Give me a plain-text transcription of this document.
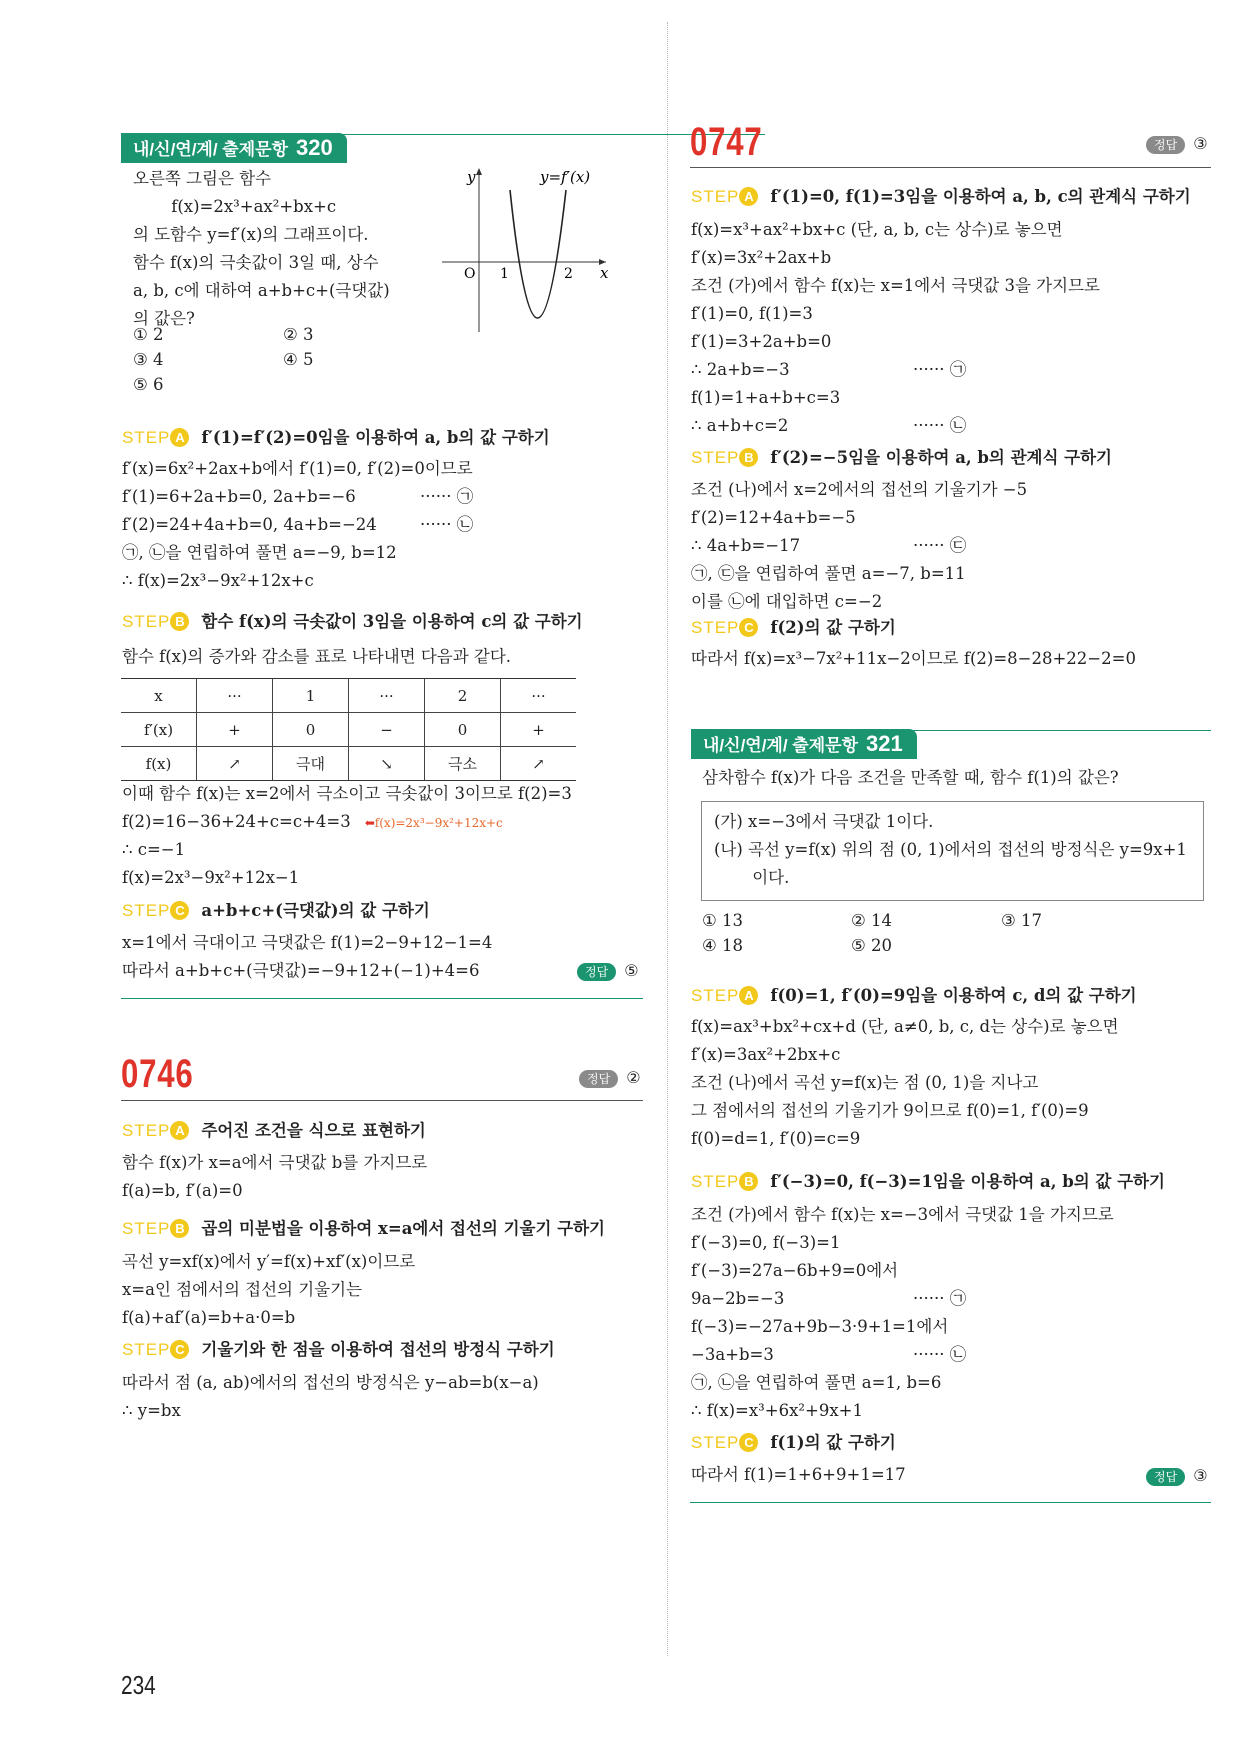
내/신/연/계/ 출제문항 320
오른쪽 그림은 함수
　　 f(x)=2x³+ax²+bx+c
의 도함수 y=f′(x)의 그래프이다.
함수 f(x)의 극솟값이 3일 때, 상수
a, b, c에 대하여 a+b+c+(극댓값)
의 값은?
① 2	② 3
③ 4	④ 5
⑤ 6
y	y=f′(x)
O 1	2 x
STEP A f′(1)=f′(2)=0임을 이용하여 a, b의 값 구하기
f′(x)=6x²+2ax+b에서 f′(1)=0, f′(2)=0이므로
f′(1)=6+2a+b=0, 2a+b=−6	······ ㉠
f′(2)=24+4a+b=0, 4a+b=−24	······ ㉡
㉠, ㉡을 연립하여 풀면 a=−9, b=12
∴ f(x)=2x³−9x²+12x+c
STEP B 함수 f(x)의 극솟값이 3임을 이용하여 c의 값 구하기
함수 f(x)의 증가와 감소를 표로 나타내면 다음과 같다.
x	···	1	···	2	···
f′(x)	+	0	−	0	+
f(x)	↗	극대	↘	극소	↗
이때 함수 f(x)는 x=2에서 극소이고 극솟값이 3이므로 f(2)=3
f(2)=16−36+24+c=c+4=3 ⬅ f(x)=2x³−9x²+12x+c
∴ c=−1
f(x)=2x³−9x²+12x−1
STEP C a+b+c+(극댓값)의 값 구하기
x=1에서 극대이고 극댓값은 f(1)=2−9+12−1=4
따라서 a+b+c+(극댓값)=−9+12+(−1)+4=6	정답 ⑤
0746	정답 ②
STEP A 주어진 조건을 식으로 표현하기
함수 f(x)가 x=a에서 극댓값 b를 가지므로
f(a)=b, f′(a)=0
STEP B 곱의 미분법을 이용하여 x=a에서 접선의 기울기 구하기
곡선 y=xf(x)에서 y′=f(x)+xf′(x)이므로
x=a인 점에서의 접선의 기울기는
f(a)+af′(a)=b+a·0=b
STEP C 기울기와 한 점을 이용하여 접선의 방정식 구하기
따라서 점 (a, ab)에서의 접선의 방정식은 y−ab=b(x−a)
∴ y=bx
234
0747	정답 ③
STEP A f′(1)=0, f(1)=3임을 이용하여 a, b, c의 관계식 구하기
f(x)=x³+ax²+bx+c (단, a, b, c는 상수)로 놓으면
f′(x)=3x²+2ax+b
조건 (가)에서 함수 f(x)는 x=1에서 극댓값 3을 가지므로
f′(1)=0, f(1)=3
f′(1)=3+2a+b=0
∴ 2a+b=−3	······ ㉠
f(1)=1+a+b+c=3
∴ a+b+c=2	······ ㉡
STEP B f′(2)=−5임을 이용하여 a, b의 관계식 구하기
조건 (나)에서 x=2에서의 접선의 기울기가 −5
f′(2)=12+4a+b=−5
∴ 4a+b=−17	······ ㉢
㉠, ㉢을 연립하여 풀면 a=−7, b=11
이를 ㉡에 대입하면 c=−2
STEP C f(2)의 값 구하기
따라서 f(x)=x³−7x²+11x−2이므로 f(2)=8−28+22−2=0
내/신/연/계/ 출제문항 321
삼차함수 f(x)가 다음 조건을 만족할 때, 함수 f(1)의 값은?
(가) x=−3에서 극댓값 1이다.
(나) 곡선 y=f(x) 위의 점 (0, 1)에서의 접선의 방정식은 y=9x+1
　　 이다.
① 13	② 14	③ 17
④ 18	⑤ 20
STEP A f(0)=1, f′(0)=9임을 이용하여 c, d의 값 구하기
f(x)=ax³+bx²+cx+d (단, a≠0, b, c, d는 상수)로 놓으면
f′(x)=3ax²+2bx+c
조건 (나)에서 곡선 y=f(x)는 점 (0, 1)을 지나고
그 점에서의 접선의 기울기가 9이므로 f(0)=1, f′(0)=9
f(0)=d=1, f′(0)=c=9
STEP B f′(−3)=0, f(−3)=1임을 이용하여 a, b의 값 구하기
조건 (가)에서 함수 f(x)는 x=−3에서 극댓값 1을 가지므로
f′(−3)=0, f(−3)=1
f′(−3)=27a−6b+9=0에서
9a−2b=−3	······ ㉠
f(−3)=−27a+9b−3·9+1=1에서
−3a+b=3	······ ㉡
㉠, ㉡을 연립하여 풀면 a=1, b=6
∴ f(x)=x³+6x²+9x+1
STEP C f(1)의 값 구하기
따라서 f(1)=1+6+9+1=17	정답 ③
